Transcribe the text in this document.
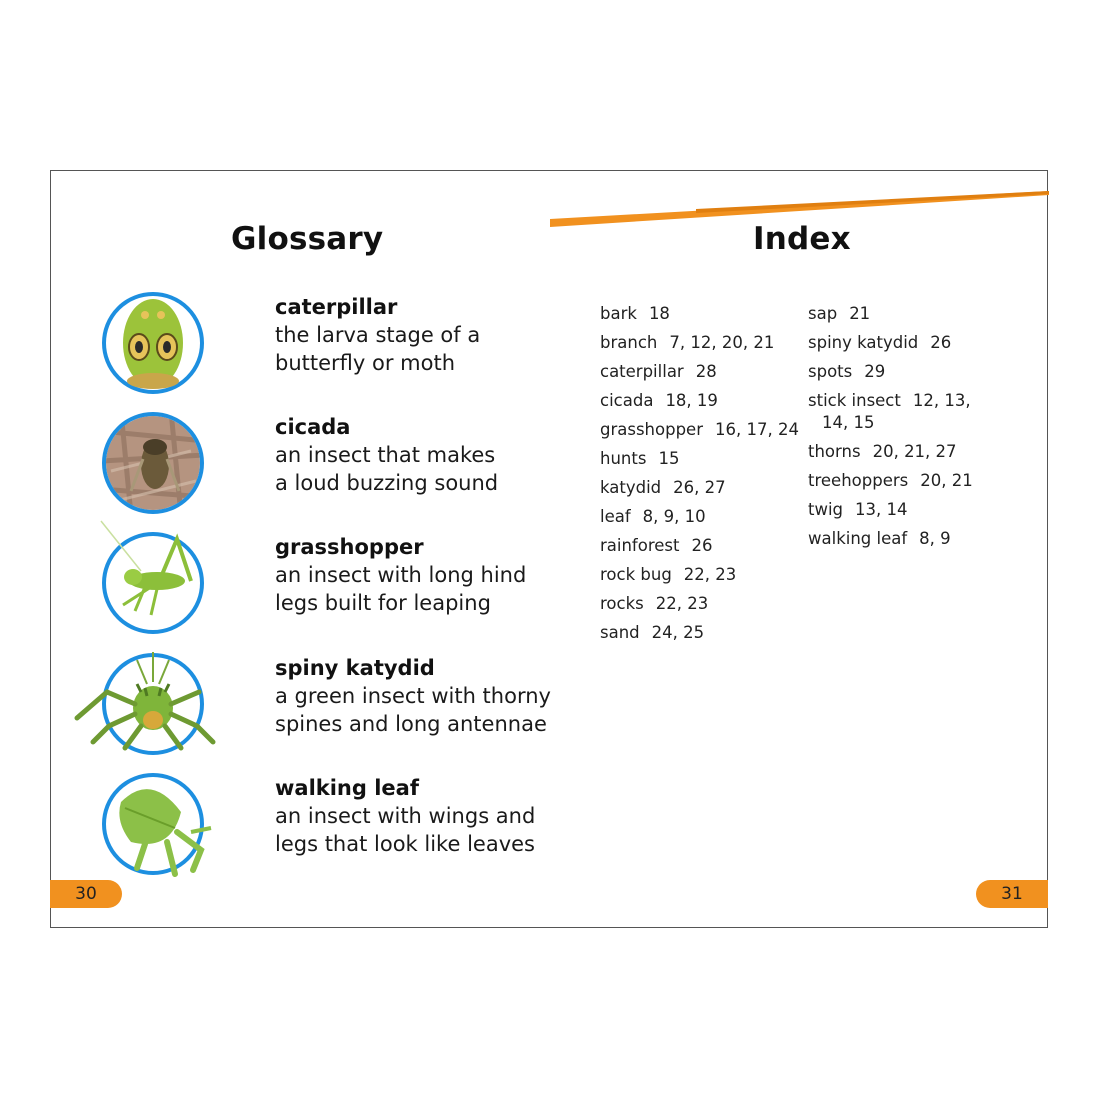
Glossary	Index

caterpillar

the larva stage of a

butterfly or moth

cicada

an insect that makes

a loud buzzing sound

grasshopper

an insect with long hind

legs built for leaping

spiny katydid

a green insect with thorny

spines and long antennae

walking leaf

an insect with wings and

legs that look like leaves

bark 18

branch 7, 12, 20, 21

caterpillar 28

cicada 18, 19

grasshopper 16, 17, 24

hunts 15

katydid 26, 27

leaf 8, 9, 10

rainforest 26

rock bug 22, 23

rocks 22, 23

sand 24, 25

sap 21

spiny katydid 26

spots 29

stick insect 12, 13,

14, 15

thorns 20, 21, 27

treehoppers 20, 21

twig 13, 14

walking leaf 8, 9

30	31
